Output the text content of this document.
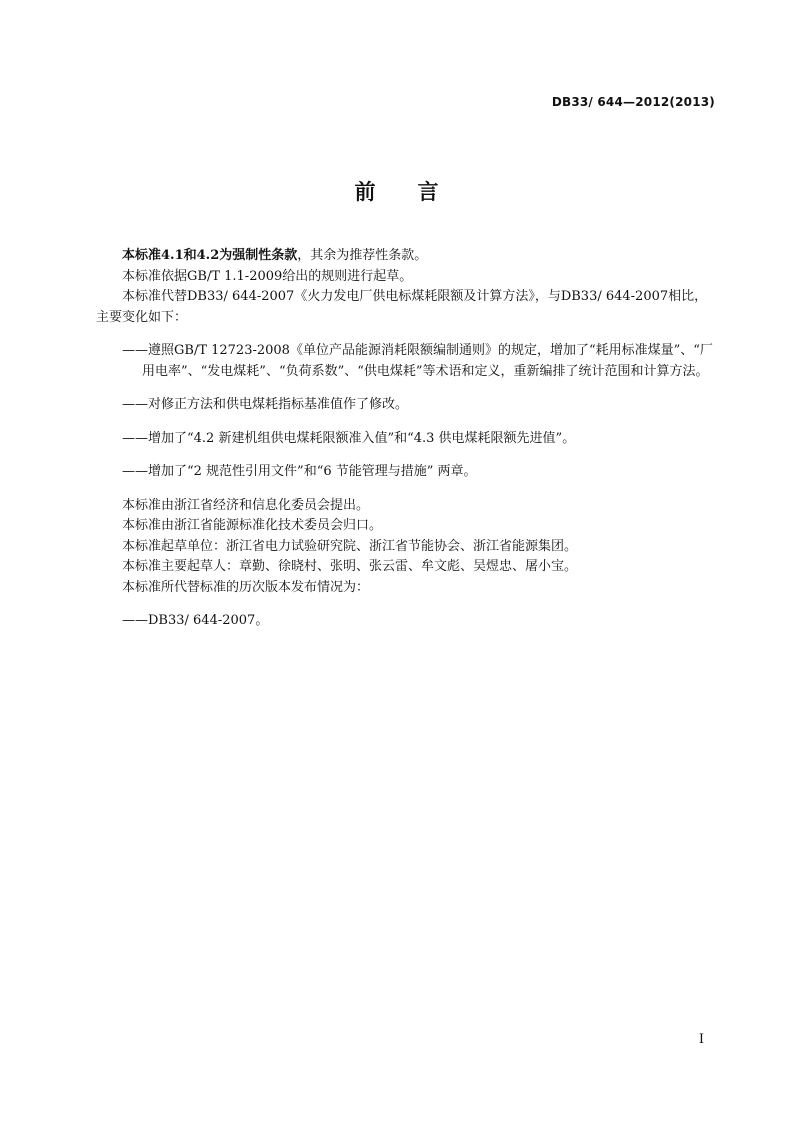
DB33/ 644—2012(2013)
前　　言

本标准4.1和4.2为强制性条款，其余为推荐性条款。

本标准依据GB/T 1.1-2009给出的规则进行起草。

本标准代替DB33/ 644-2007《火力发电厂供电标煤耗限额及计算方法》，与DB33/ 644-2007相比，主要变化如下：

——遵照GB/T 12723-2008《单位产品能源消耗限额编制通则》的规定，增加了“耗用标准煤量”、“厂用电率”、“发电煤耗”、“负荷系数”、“供电煤耗”等术语和定义，重新编排了统计范围和计算方法。

——对修正方法和供电煤耗指标基准值作了修改。

——增加了“4.2 新建机组供电煤耗限额准入值”和“4.3 供电煤耗限额先进值”。

——增加了“2 规范性引用文件”和“6 节能管理与措施” 两章。

本标准由浙江省经济和信息化委员会提出。

本标准由浙江省能源标准化技术委员会归口。

本标准起草单位：浙江省电力试验研究院、浙江省节能协会、浙江省能源集团。

本标准主要起草人：章勤、徐晓村、张明、张云雷、牟文彪、吴煜忠、屠小宝。

本标准所代替标准的历次版本发布情况为：

——DB33/ 644-2007。

I
